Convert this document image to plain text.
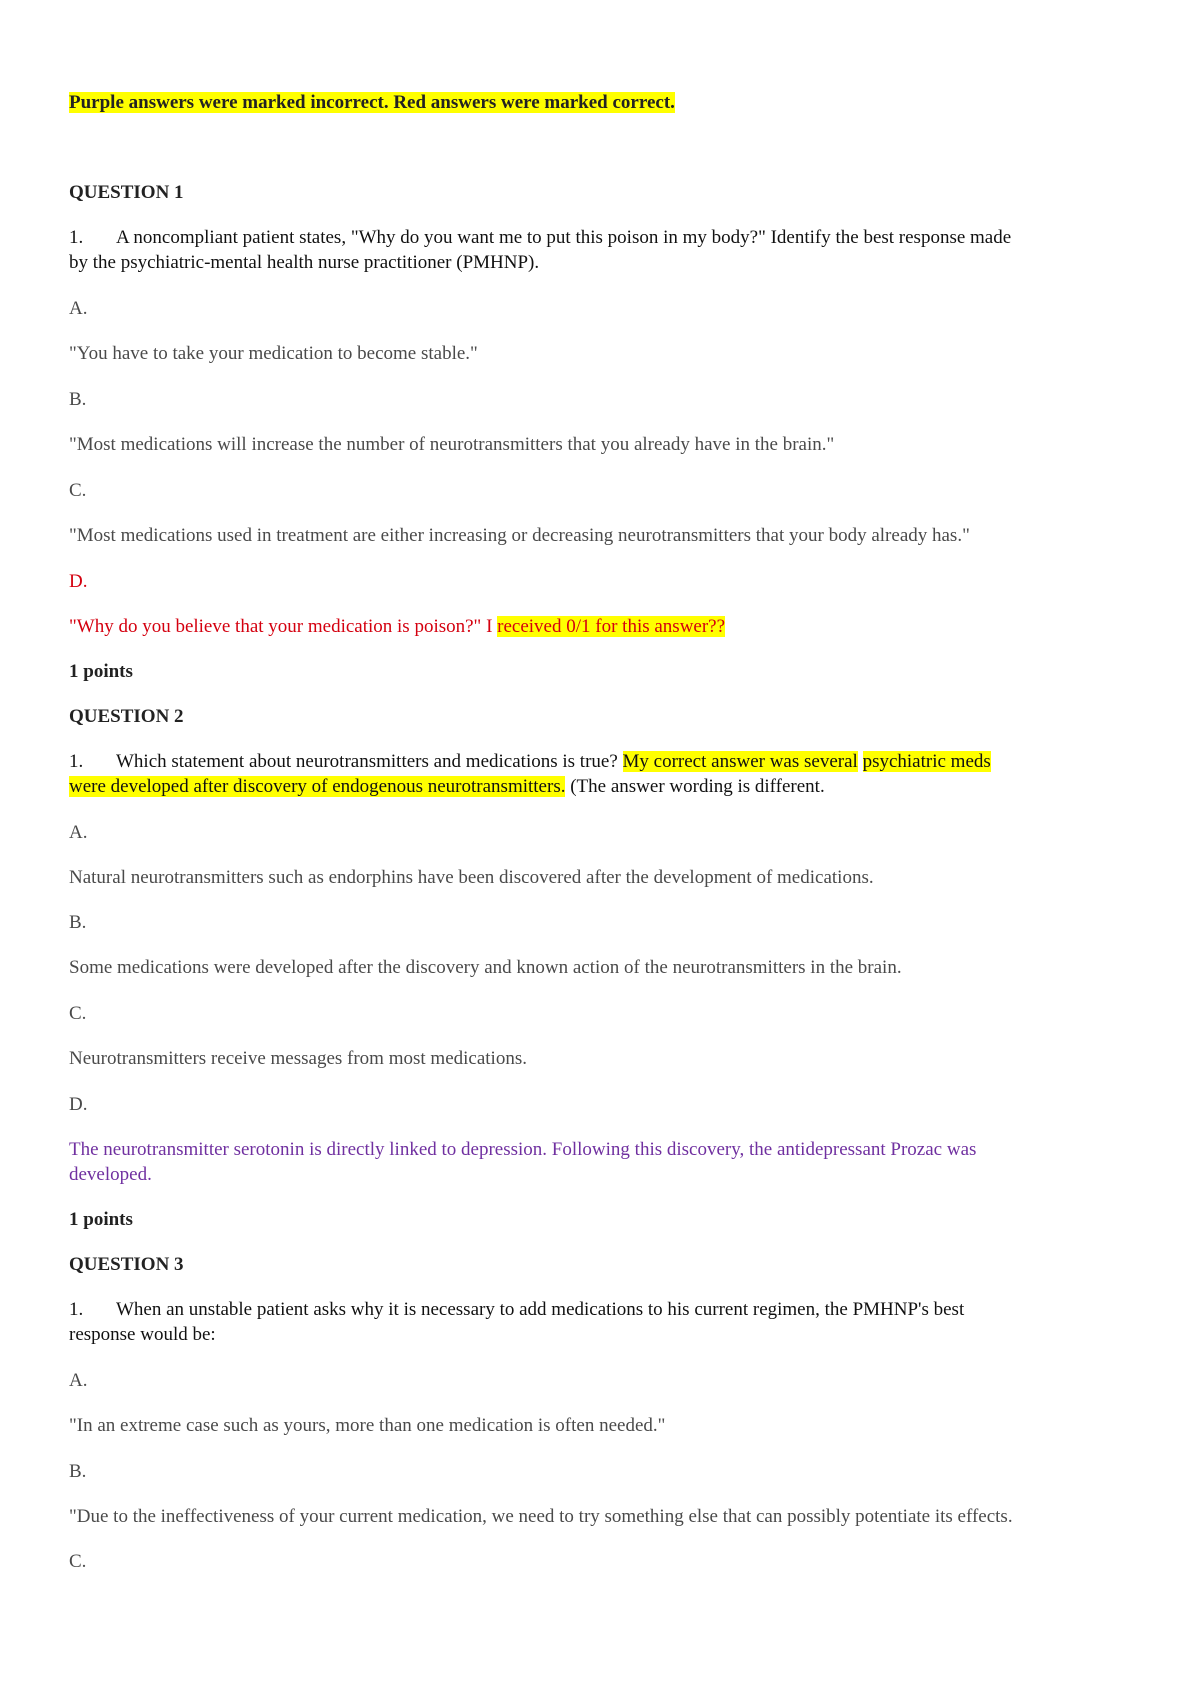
Purple answers were marked incorrect. Red answers were marked correct.
QUESTION 1
1. A noncompliant patient states, "Why do you want me to put this poison in my body?" Identify the best response made
by the psychiatric-mental health nurse practitioner (PMHNP).
A.
"You have to take your medication to become stable."
B.
"Most medications will increase the number of neurotransmitters that you already have in the brain."
C.
"Most medications used in treatment are either increasing or decreasing neurotransmitters that your body already has."
D.
"Why do you believe that your medication is poison?" I received 0/1 for this answer??
1 points
QUESTION 2
1. Which statement about neurotransmitters and medications is true? My correct answer was several psychiatric meds
were developed after discovery of endogenous neurotransmitters. (The answer wording is different.
A.
Natural neurotransmitters such as endorphins have been discovered after the development of medications.
B.
Some medications were developed after the discovery and known action of the neurotransmitters in the brain.
C.
Neurotransmitters receive messages from most medications.
D.
The neurotransmitter serotonin is directly linked to depression. Following this discovery, the antidepressant Prozac was
developed.
1 points
QUESTION 3
1. When an unstable patient asks why it is necessary to add medications to his current regimen, the PMHNP's best
response would be:
A.
"In an extreme case such as yours, more than one medication is often needed."
B.
"Due to the ineffectiveness of your current medication, we need to try something else that can possibly potentiate its effects.
C.
